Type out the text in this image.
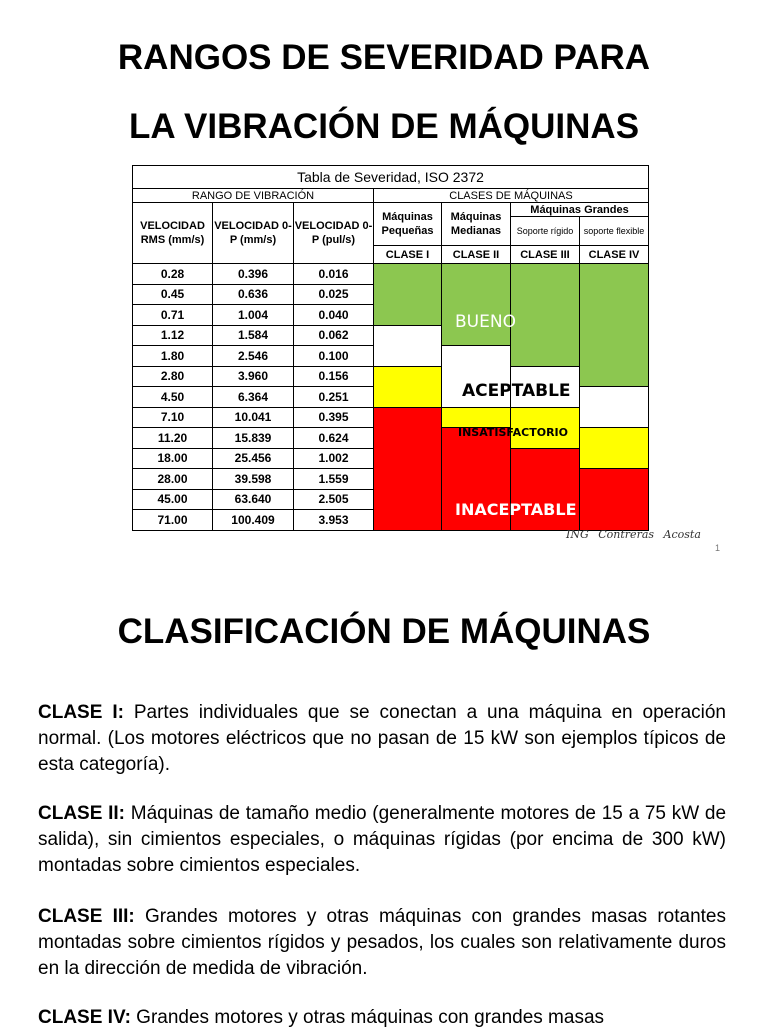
RANGOS DE SEVERIDAD PARA
LA VIBRACIÓN DE MÁQUINAS
Tabla de Severidad, ISO 2372						
RANGO DE VIBRACIÓN			CLASES DE MÁQUINAS			
VELOCIDAD RMS (mm/s)	VELOCIDAD 0-P (mm/s)	VELOCIDAD 0-P (pul/s)	Máquinas Pequeñas	Máquinas Medianas	Máquinas Grandes	
					Soporte rígido	soporte flexible
			CLASE I	CLASE II	CLASE III	CLASE IV
0.28	0.396	0.016				
0.45	0.636	0.025				
0.71	1.004	0.040				
1.12	1.584	0.062				
1.80	2.546	0.100				
2.80	3.960	0.156				
4.50	6.364	0.251				
7.10	10.041	0.395				
11.20	15.839	0.624				
18.00	25.456	1.002				
28.00	39.598	1.559				
45.00	63.640	2.505				
71.00	100.409	3.953				
BUENO
ACEPTABLE
INSATISFACTORIO
INACEPTABLE
ING Contreras Acosta
1
CLASIFICACIÓN DE MÁQUINAS

CLASE I: Partes individuales que se conectan a una máquina en operación normal. (Los motores eléctricos que no pasan de 15 kW son ejemplos típicos de esta categoría).

CLASE II: Máquinas de tamaño medio (generalmente motores de 15 a 75 kW de salida), sin cimientos especiales, o máquinas rígidas (por encima de 300 kW) montadas sobre cimientos especiales.

CLASE III: Grandes motores y otras máquinas con grandes masas rotantes montadas sobre cimientos rígidos y pesados, los cuales son relativamente duros en la dirección de medida de vibración.

CLASE IV: Grandes motores y otras máquinas con grandes masas
